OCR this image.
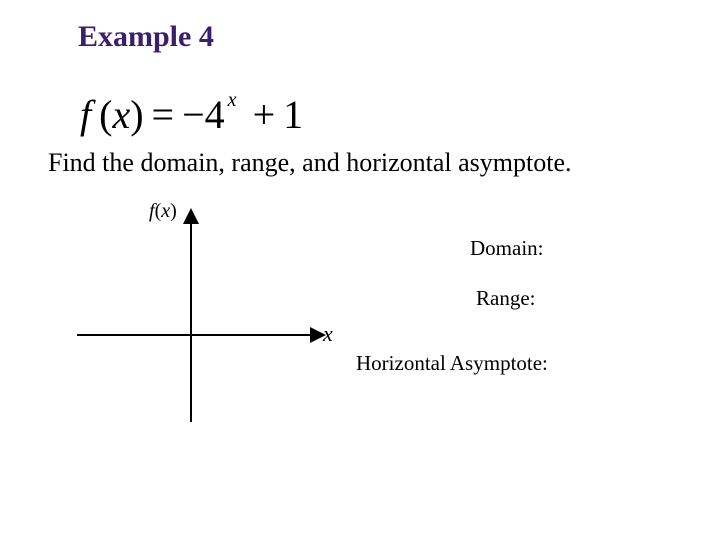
Example 4
f (x) = −4 $^x$ + 1
Find the domain, range, and horizontal asymptote.
f(x)
x
Domain:
Range:
Horizontal Asymptote:
